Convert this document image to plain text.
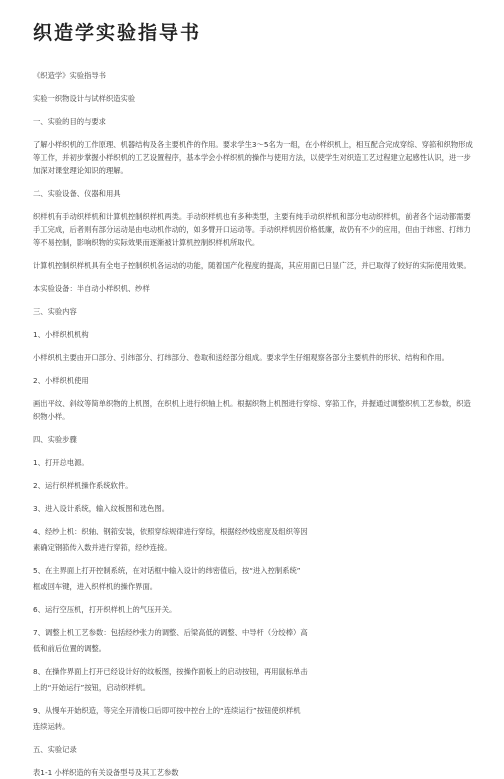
织造学实验指导书

《织造学》实验指导书

实验一织物设计与试样织造实验

一、实验的目的与要求

了解小样织机的工作原理、机器结构及各主要机件的作用。要求学生3～5名为一组，在小样织机上，相互配合完成穿综、穿筘和织物形成等工作，并初步掌握小样织机的工艺设置程序，基本学会小样织机的操作与使用方法，以使学生对织造工艺过程建立起感性认识，进一步加深对课堂理论知识的理解。

二、实验设备、仪器和用具

织样机有手动织样机和计算机控制织样机两类。手动织样机也有多种类型，主要有纯手动织样机和部分电动织样机，前者各个运动都需要手工完成，后者则有部分运动是由电动机作动的，如多臂开口运动等。手动织样机因价格低廉，故仍有不少的应用，但由于纬密、打纬力等不易控制，影响织物的实际效果而逐渐被计算机控制织样机所取代。

计算机控制织样机具有全电子控制织机各运动的功能，随着国产化程度的提高，其应用面已日显广泛，并已取得了较好的实际使用效果。

本实验设备：半自动小样织机、纱样

三、实验内容

1、小样织机机构

小样织机主要由开口部分、引纬部分、打纬部分、卷取和送经部分组成。要求学生仔细观察各部分主要机件的形状、结构和作用。

2、小样织机使用

画出平纹、斜纹等简单织物的上机图，在织机上进行织轴上机。根据织物上机图进行穿综、穿筘工作，并握通过调整织机工艺参数，织造织物小样。

四、实验步骤

1、打开总电源。

2、运行织样机操作系统软件。

3、进入设计系统，输入纹板图和选色图。

4、经纱上机：织轴、钢筘安装，依照穿综规律进行穿综，根据经纱线密度及组织等因

素确定钢筘传入数并进行穿筘，经纱连接。

5、在主界面上打开控制系统，在对话框中输入设计的纬密值后，按“进入控制系统”

框或回车键，进入织样机的操作界面。

6、运行空压机，打开织样机上的气压开关。

7、调整上机工艺参数：包括经纱张力的调整、后梁高低的调整、中导杆（分绞棒）高

低和前后位置的调整。

8、在操作界面上打开已经设计好的纹板图，按操作面板上的启动按钮，再用鼠标单击

上的“开始运行”按钮，启动织样机。

9、从慢车开始织造，等完全开清梭口后即可按中控台上的“连续运行”按钮使织样机

连续运转。

五、实验记录

表1-1 小样织造的有关设备型号及其工艺参数
